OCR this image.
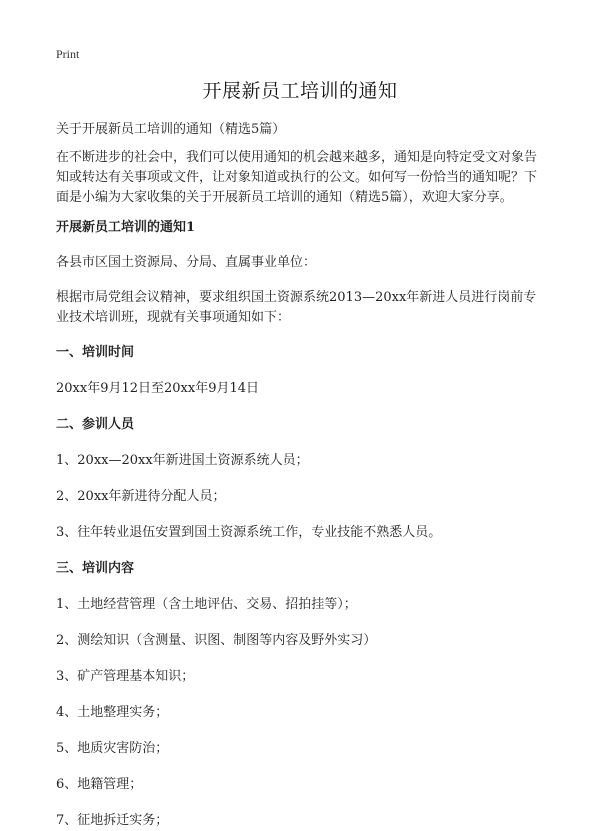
Print
开展新员工培训的通知

关于开展新员工培训的通知（精选5篇）

在不断进步的社会中，我们可以使用通知的机会越来越多，通知是向特定受文对象告知或转达有关事项或文件，让对象知道或执行的公文。如何写一份恰当的通知呢？下面是小编为大家收集的关于开展新员工培训的通知（精选5篇），欢迎大家分享。

开展新员工培训的通知1

各县市区国土资源局、分局、直属事业单位：

根据市局党组会议精神，要求组织国土资源系统2013—20xx年新进人员进行岗前专业技术培训班，现就有关事项通知如下：

一、培训时间

20xx年9月12日至20xx年9月14日

二、参训人员

1、20xx—20xx年新进国土资源系统人员；

2、20xx年新进待分配人员；

3、往年转业退伍安置到国土资源系统工作，专业技能不熟悉人员。

三、培训内容

1、土地经营管理（含土地评估、交易、招拍挂等）；

2、测绘知识（含测量、识图、制图等内容及野外实习）

3、矿产管理基本知识；

4、土地整理实务；

5、地质灾害防治；

6、地籍管理；

7、征地拆迁实务；
